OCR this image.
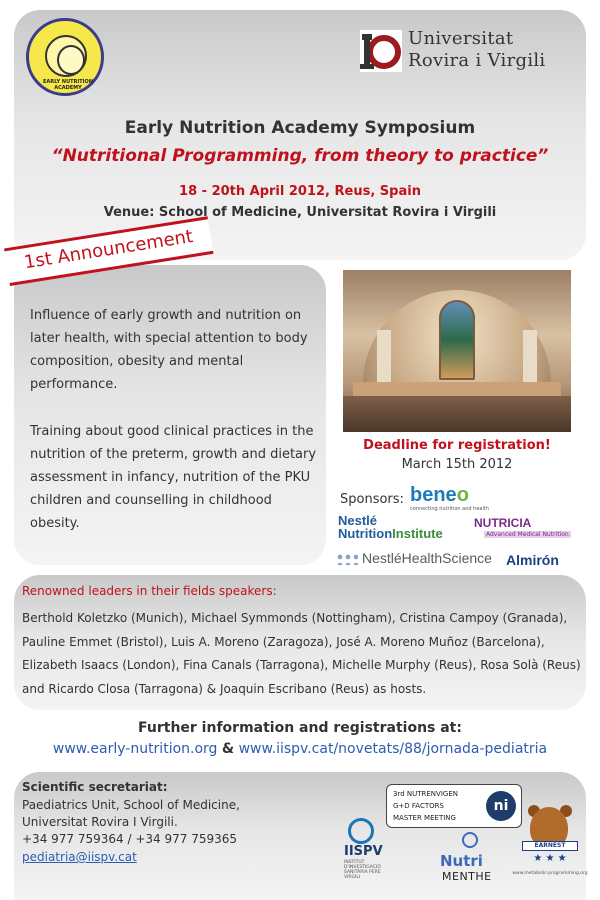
EARLY NUTRITION ACADEMY
Universitat
Rovira i Virgili
Early Nutrition Academy Symposium
“Nutritional Programming, from theory to practice”
18 - 20th April 2012, Reus, Spain
Venue: School of Medicine, Universitat Rovira i Virgili
1st Announcement
Influence of early growth and nutrition on later health, with special attention to body composition, obesity and mental performance.
Training about good clinical practices in the nutrition of the preterm, growth and dietary assessment in infancy, nutrition of the PKU children and counselling in childhood obesity.
Deadline for registration!
March 15th 2012
Sponsors: beneo
connecting nutrition and health
Nestlé
NutritionInstitute
NUTRICIA
Advanced Medical Nutrition
NestléHealthScience Almirón
Renowned leaders in their fields speakers:
Berthold Koletzko (Munich), Michael Symmonds (Nottingham), Cristina Campoy (Granada), Pauline Emmet (Bristol), Luis A. Moreno (Zaragoza), José A. Moreno Muñoz (Barcelona), Elizabeth Isaacs (London), Fina Canals (Tarragona), Michelle Murphy (Reus), Rosa Solà (Reus) and Ricardo Closa (Tarragona) & Joaquin Escribano (Reus) as hosts.
Further information and registrations at:
www.early-nutrition.org & www.iispv.cat/novetats/88/jornada-pediatria
Scientific secretariat:
Paediatrics Unit, School of Medicine,
Universitat Rovira I Virgili.
+34 977 759364 / +34 977 759365
pediatria@iispv.cat
3rd NUTRENVIGEN
G+D FACTORS
MASTER MEETING
ni
IISPV
INSTITUT D'INVESTIGACIÓ SANITÀRIA PERE VIRGILI
Nutri
MENTHE
EARNEST
★ ★ ★
www.metabolic-programming.org
